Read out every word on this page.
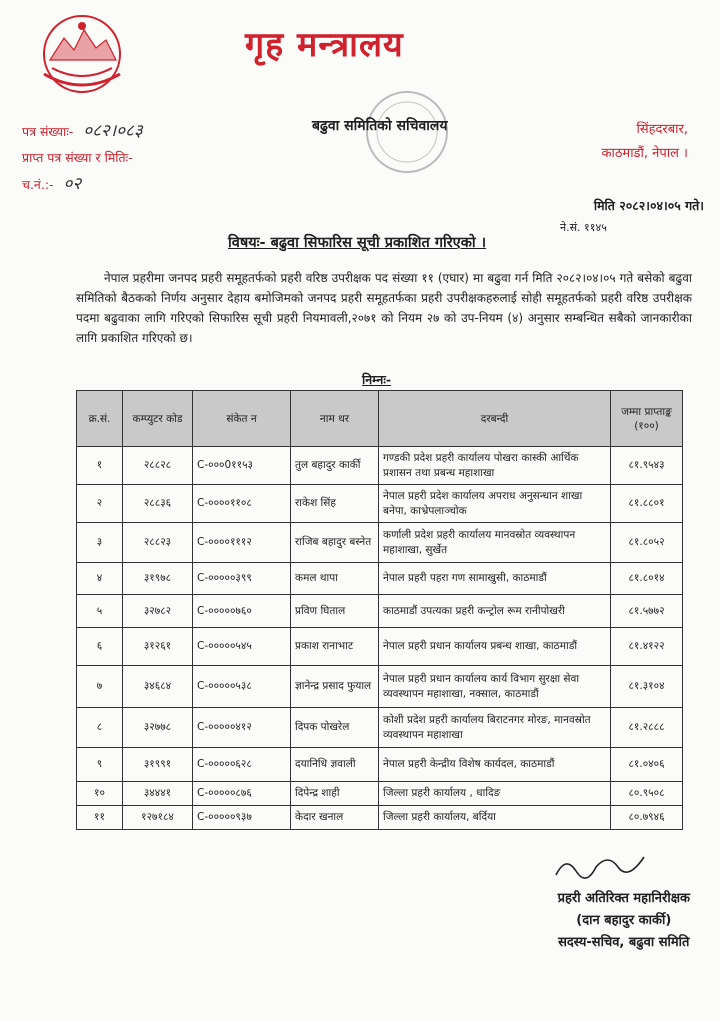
गृह मन्त्रालय
बढुवा समितिको सचिवालय
पत्र संख्याः- ०८२।०८३
प्राप्त पत्र संख्या र मितिः-
च.नं.:- ०२
सिंहदरबार,
काठमाडौं, नेपाल ।
मिति २०८२।०४।०५ गते।
ने.सं. ११४५
विषयः- बढुवा सिफारिस सूची प्रकाशित गरिएको ।
नेपाल प्रहरीमा जनपद प्रहरी समूहतर्फको प्रहरी वरिष्ठ उपरीक्षक पद संख्या ११ (एघार) मा बढुवा गर्न मिति २०८२।०४।०५ गते बसेको बढुवा समितिको बैठकको निर्णय अनुसार देहाय बमोजिमको जनपद प्रहरी समूहतर्फका प्रहरी उपरीक्षकहरुलाई सोही समूहतर्फको प्रहरी वरिष्ठ उपरीक्षक पदमा बढुवाका लागि गरिएको सिफारिस सूची प्रहरी नियमावली,२०७१ को नियम २७ को उप-नियम (४) अनुसार सम्बन्धित सबैको जानकारीका लागि प्रकाशित गरिएको छ।
निम्नः-
क्र.सं.	कम्प्युटर कोड	संकेत न	नाम थर	दरबन्दी	जम्मा प्राप्ताङ्क (१००)
१	२८८२८	C-०००0११५३	तुल बहादुर कार्की	गण्डकी प्रदेश प्रहरी कार्यालय पोखरा कास्की आर्थिक प्रशासन तथा प्रबन्ध महाशाखा	८१.९५४३
२	२८८३६	C-००००११०८	राकेश सिंह	नेपाल प्रहरी प्रदेश कार्यालय अपराध अनुसन्धान शाखा बनेपा, काभ्रेपलाञ्चोक	८१.८८०१
३	२८८२३	C-००००१११२	राजिब बहादुर बस्नेत	कर्णाली प्रदेश प्रहरी कार्यालय मानवस्रोत व्यवस्थापन महाशाखा, सुर्खेत	८१.८०५२
४	३१९७८	C-०००००३९९	कमल थापा	नेपाल प्रहरी पहरा गण सामाखुसी, काठमाडौं	८१.८०१४
५	३२७८२	C-०००००७६०	प्रविण घिताल	काठमाडौं उपत्यका प्रहरी कन्ट्रोल रूम रानीपोखरी	८१.५७७२
६	३१२६१	C-०००००५४५	प्रकाश रानाभाट	नेपाल प्रहरी प्रधान कार्यालय प्रबन्ध शाखा, काठमाडौं	८१.४१२२
७	३४६८४	C-०००००५३८	ज्ञानेन्द्र प्रसाद फुयाल	नेपाल प्रहरी प्रधान कार्यालय कार्य विभाग सुरक्षा सेवा व्यवस्थापन महाशाखा, नक्साल, काठमाडौं	८१.३१०४
८	३२७७८	C-०००००४१२	दिपक पोखरेल	कोशी प्रदेश प्रहरी कार्यालय बिराटनगर मोरङ, मानवस्रोत व्यवस्थापन महाशाखा	८१.२८८८
९	३१९९१	C-०००००६२८	दयानिधि ज्ञवाली	नेपाल प्रहरी केन्द्रीय विशेष कार्यदल, काठमाडौं	८१.०४०६
१०	३४४४१	C-०००००८७६	दिपेन्द्र शाही	जिल्ला प्रहरी कार्यालय , धादिङ	८०.९५०८
११	१२७१८४	C-०००००९३७	केदार खनाल	जिल्ला प्रहरी कार्यालय, बर्दिया	८०.७९४६
प्रहरी अतिरिक्त महानिरीक्षक
(दान बहादुर कार्की)
सदस्य-सचिव, बढुवा समिति
